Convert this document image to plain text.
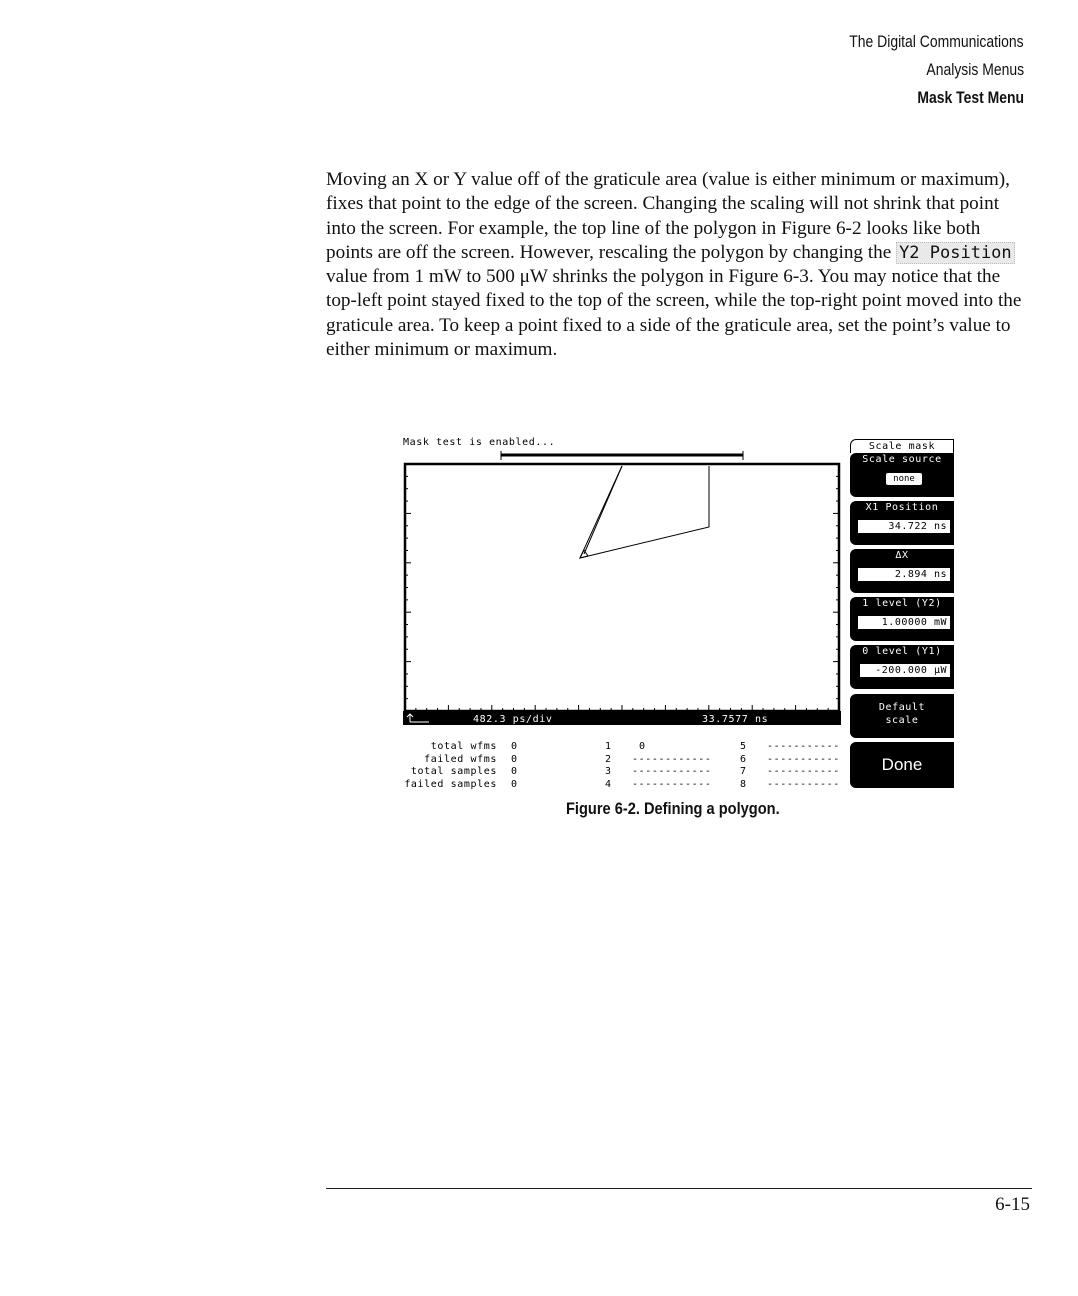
The Digital Communications
Analysis Menus
Mask Test Menu

Moving an X or Y value off of the graticule area (value is either minimum or maximum), fixes that point to the edge of the screen. Changing the scaling will not shrink that point into the screen. For example, the top line of the polygon in Figure 6-2 looks like both points are off the screen. However, rescaling the polygon by changing the Y2 Position value from 1 mW to 500 μW shrinks the polygon in Figure 6-3. You may notice that the top-left point stayed fixed to the top of the screen, while the top-right point moved into the graticule area. To keep a point fixed to a side of the graticule area, set the point’s value to either minimum or maximum.

Mask test is enabled...
482.3 ps/div	33.7577 ns
total wfms
failed wfms
total samples
failed samples
0
0
0
0
1	0
2 ------------
3 ------------
4 ------------
5 -----------
6 -----------
7 -----------
8 -----------
Scale mask
Scale source
none
X1 Position
34.722 ns
ΔX
2.894 ns
1 level (Y2)
1.00000 mW
0 level (Y1)
-200.000 μW
Default
scale
Done
Figure 6-2. Defining a polygon.
6-15
